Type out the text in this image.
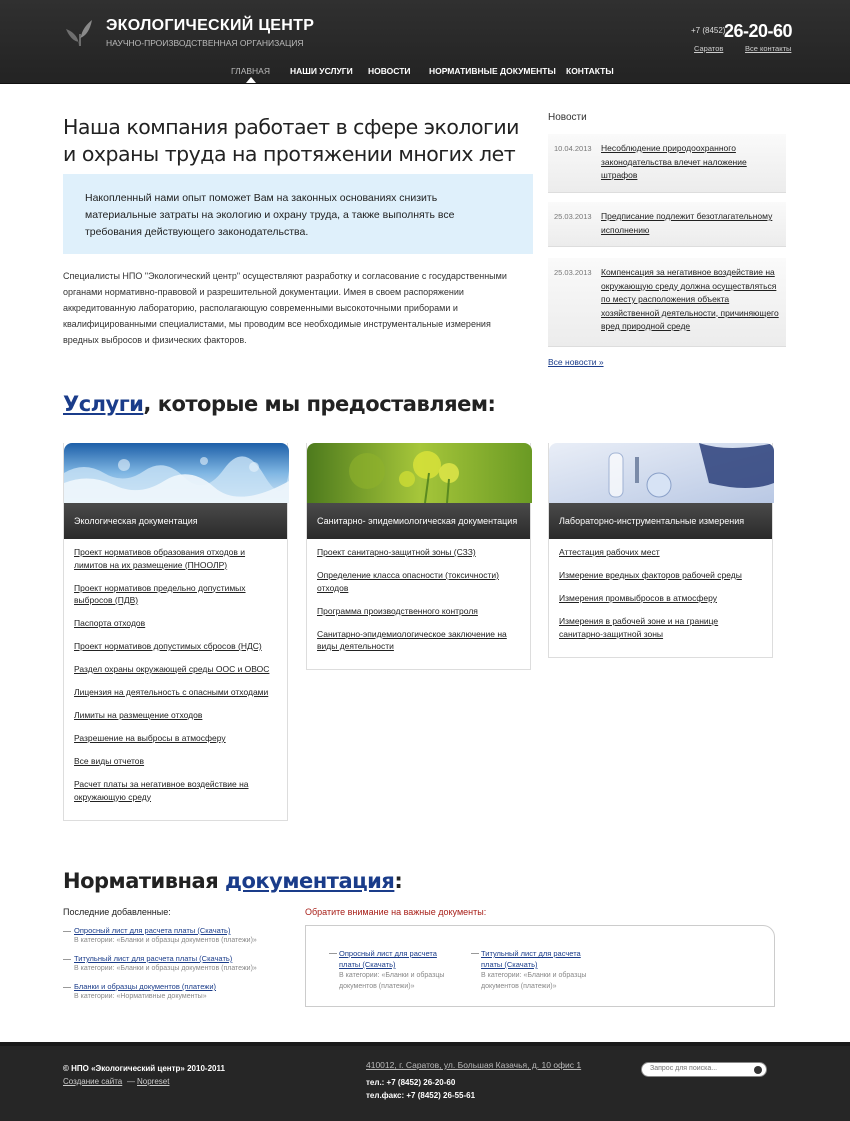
ЭКОЛОГИЧЕСКИЙ ЦЕНТР
НАУЧНО-ПРОИЗВОДСТВЕННАЯ ОРГАНИЗАЦИЯ
+7 (8452)
26-20-60
Саратов	Все контакты
ГЛАВНАЯ НАШИ УСЛУГИ НОВОСТИ НОРМАТИВНЫЕ ДОКУМЕНТЫ КОНТАКТЫ
Наша компания работает в сфере экологии и охраны труда на протяжении многих лет
Накопленный нами опыт поможет Вам на законных основаниях снизить материальные затраты на экологию и охрану труда, а также выполнять все требования действующего законодательства.

Специалисты НПО "Экологический центр" осуществляют разработку и согласование с государственными органами нормативно-правовой и разрешительной документации. Имея в своем распоряжении аккредитованную лабораторию, располагающую современными высокоточными приборами и квалифицированными специалистами, мы проводим все необходимые инструментальные измерения вредных выбросов и физических факторов.

Новости
10.04.2013 Несоблюдение природоохранного законодательства влечет наложение штрафов
25.03.2013 Предписание подлежит безотлагательному исполнению
25.03.2013 Компенсация за негативное воздействие на окружающую среду должна осуществляться по месту расположения объекта хозяйственной деятельности, причиняющего вред природной среде
Все новости »
Услуги, которые мы предоставляем:
Экологическая документация
Проект нормативов образования отходов и лимитов на их размещение (ПНООЛР)
Проект нормативов предельно допустимых выбросов (ПДВ)
Паспорта отходов
Проект нормативов допустимых сбросов (НДС)
Раздел охраны окружающей среды ООС и ОВОС
Лицензия на деятельность с опасными отходами
Лимиты на размещение отходов
Разрешение на выбросы в атмосферу
Все виды отчетов
Расчет платы за негативное воздействие на окружающую среду
Санитарно- эпидемиологическая документация
Проект санитарно-защитной зоны (СЗЗ)
Определение класса опасности (токсичности) отходов
Программа производственного контроля
Санитарно-эпидемиологическое заключение на виды деятельности
Лабораторно-инструментальные измерения
Аттестация рабочих мест
Измерение вредных факторов рабочей среды
Измерения промвыбросов в атмосферу
Измерения в рабочей зоне и на границе санитарно-защитной зоны
Нормативная документация:
Последние добавленные:
Опросный лист для расчета платы (Скачать)
В категории: «Бланки и образцы документов (платежи)»
Титульный лист для расчета платы (Скачать)
В категории: «Бланки и образцы документов (платежи)»
Бланки и образцы документов (платежи)
В категории: «Нормативные документы»
Обратите внимание на важные документы:
Опросный лист для расчета платы (Скачать)
В категории: «Бланки и образцы документов (платежи)»
Титульный лист для расчета платы (Скачать)
В категории: «Бланки и образцы документов (платежи)»
© НПО «Экологический центр» 2010-2011
Создание сайта — Nopreset
410012, г. Саратов, ул. Большая Казачья, д. 10 офис 1
тел.: +7 (8452) 26-20-60
тел.факс: +7 (8452) 26-55-61
Запрос для поиска...
